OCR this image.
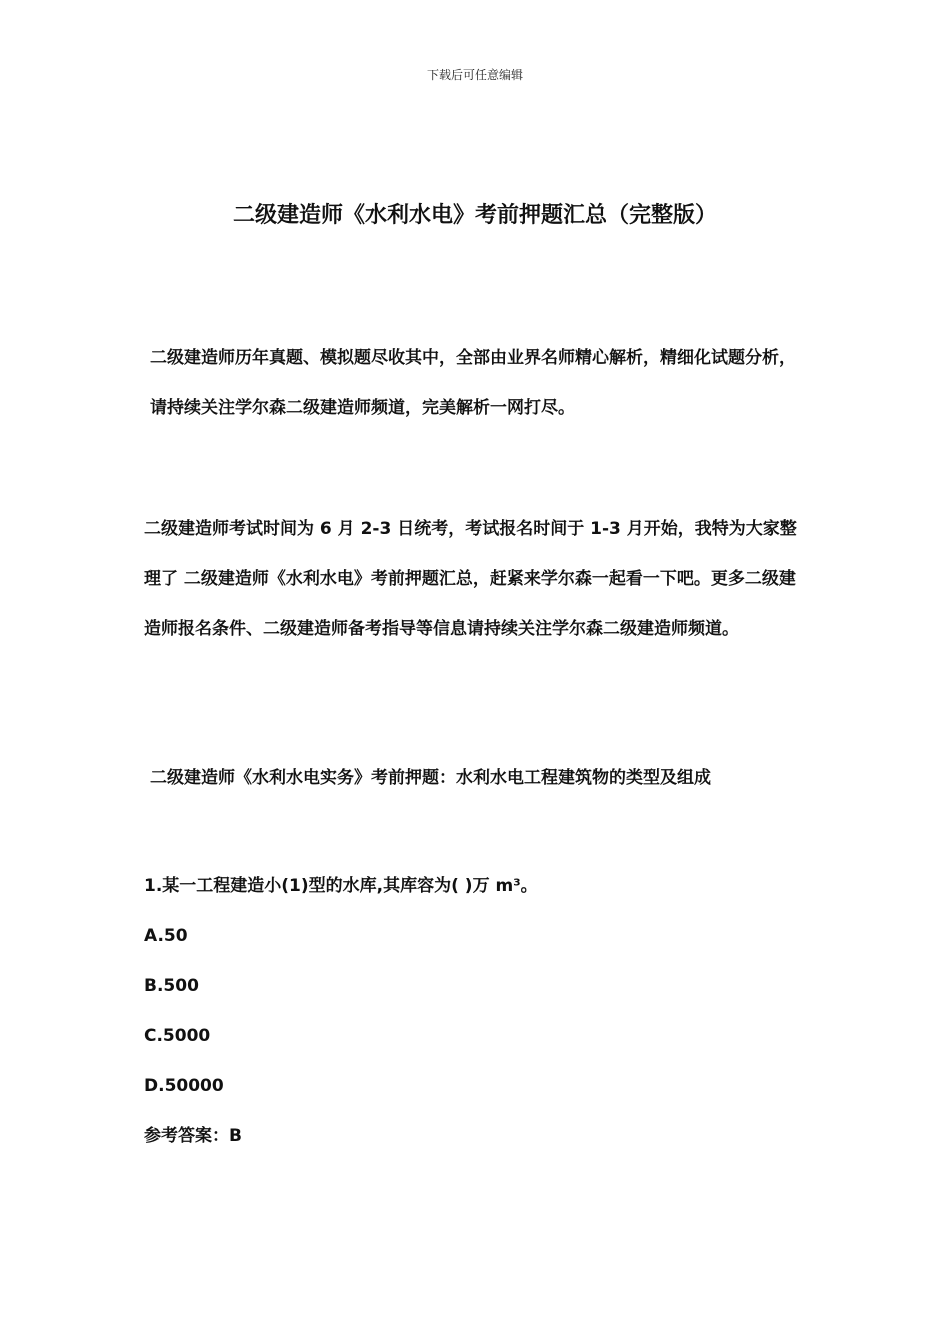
下载后可任意编辑
二级建造师《水利水电》考前押题汇总（完整版）
二级建造师历年真题、模拟题尽收其中，全部由业界名师精心解析，精细化试题分析，请持续关注学尔森二级建造师频道，完美解析一网打尽。
二级建造师考试时间为 6 月 2-3 日统考，考试报名时间于 1-3 月开始，我特为大家整理了 二级建造师《水利水电》考前押题汇总，赶紧来学尔森一起看一下吧。更多二级建造师报名条件、二级建造师备考指导等信息请持续关注学尔森二级建造师频道。
二级建造师《水利水电实务》考前押题：水利水电工程建筑物的类型及组成

1.某一工程建造小(1)型的水库,其库容为( )万 m³。

A.50

B.500

C.5000

D.50000

参考答案：B
